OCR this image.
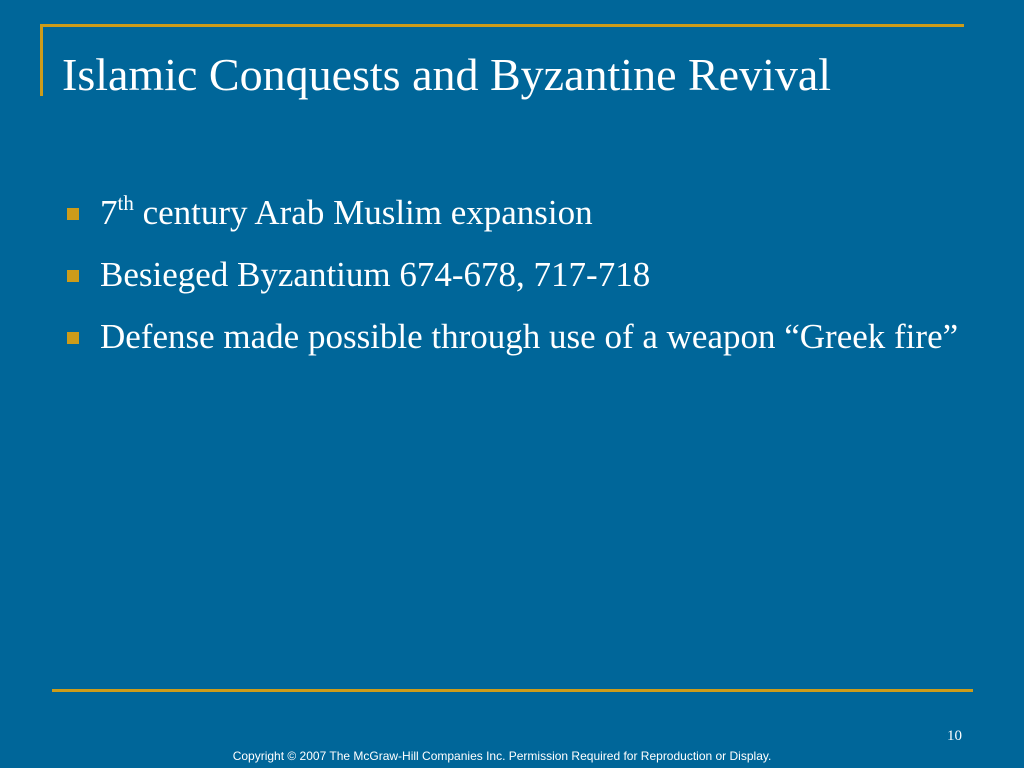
Islamic Conquests and Byzantine Revival
7th century Arab Muslim expansion
Besieged Byzantium 674-678, 717-718
Defense made possible through use of a weapon “Greek fire”
10
Copyright © 2007 The McGraw-Hill Companies Inc. Permission Required for Reproduction or Display.
